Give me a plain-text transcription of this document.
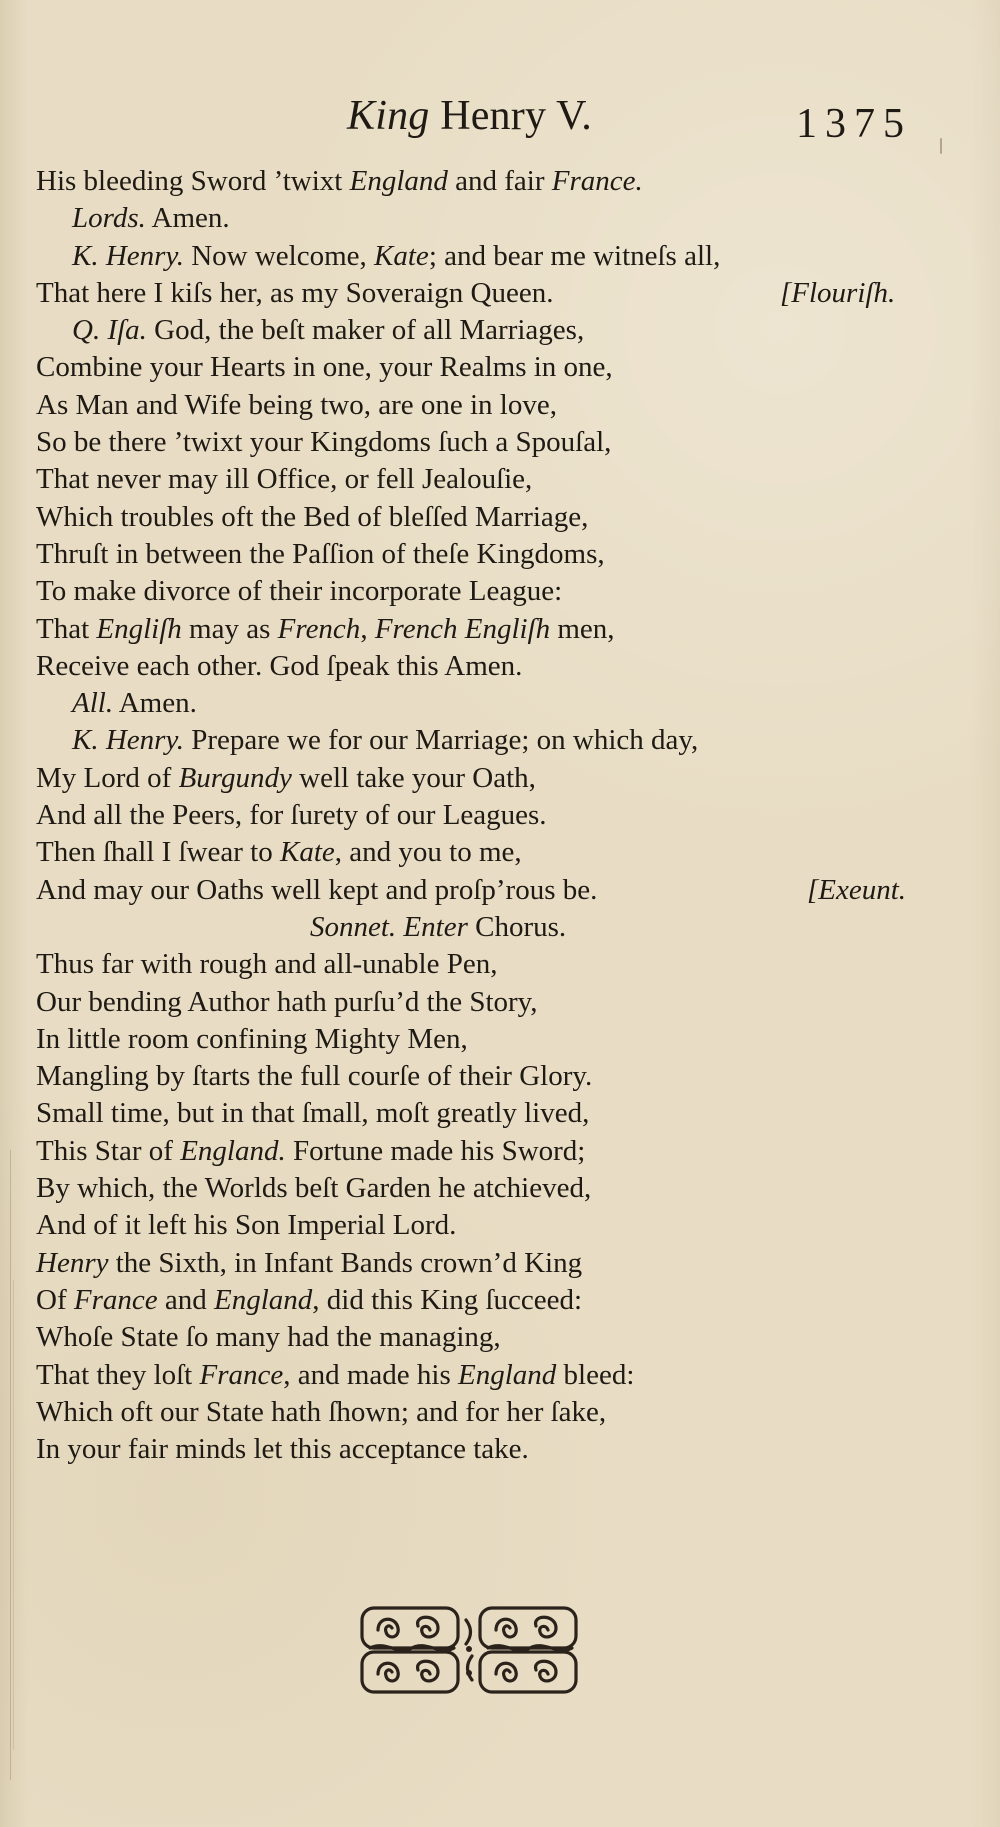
King Henry V.	1375
His bleeding Sword ’twixt England and fair France.
Lords. Amen.
K. Henry. Now welcome, Kate; and bear me witneſs all,
That here I kiſs her, as my Soveraign Queen.	[Flouriſh.
Q. Iſa. God, the beſt maker of all Marriages,
Combine your Hearts in one, your Realms in one,
As Man and Wife being two, are one in love,
So be there ’twixt your Kingdoms ſuch a Spouſal,
That never may ill Office, or fell Jealouſie,
Which troubles oft the Bed of bleſſed Marriage,
Thruſt in between the Paſſion of theſe Kingdoms,
To make divorce of their incorporate League:
That Engliſh may as French, French Engliſh men,
Receive each other. God ſpeak this Amen.
All. Amen.
K. Henry. Prepare we for our Marriage; on which day,
My Lord of Burgundy well take your Oath,
And all the Peers, for ſurety of our Leagues.
Then ſhall I ſwear to Kate, and you to me,
And may our Oaths well kept and proſp’rous be.	[Exeunt.
Sonnet. Enter Chorus.
Thus far with rough and all-unable Pen,
Our bending Author hath purſu’d the Story,
In little room confining Mighty Men,
Mangling by ſtarts the full courſe of their Glory.
Small time, but in that ſmall, moſt greatly lived,
This Star of England. Fortune made his Sword;
By which, the Worlds beſt Garden he atchieved,
And of it left his Son Imperial Lord.
Henry the Sixth, in Infant Bands crown’d King
Of France and England, did this King ſucceed:
Whoſe State ſo many had the managing,
That they loſt France, and made his England bleed:
Which oft our State hath ſhown; and for her ſake,
In your fair minds let this acceptance take.
